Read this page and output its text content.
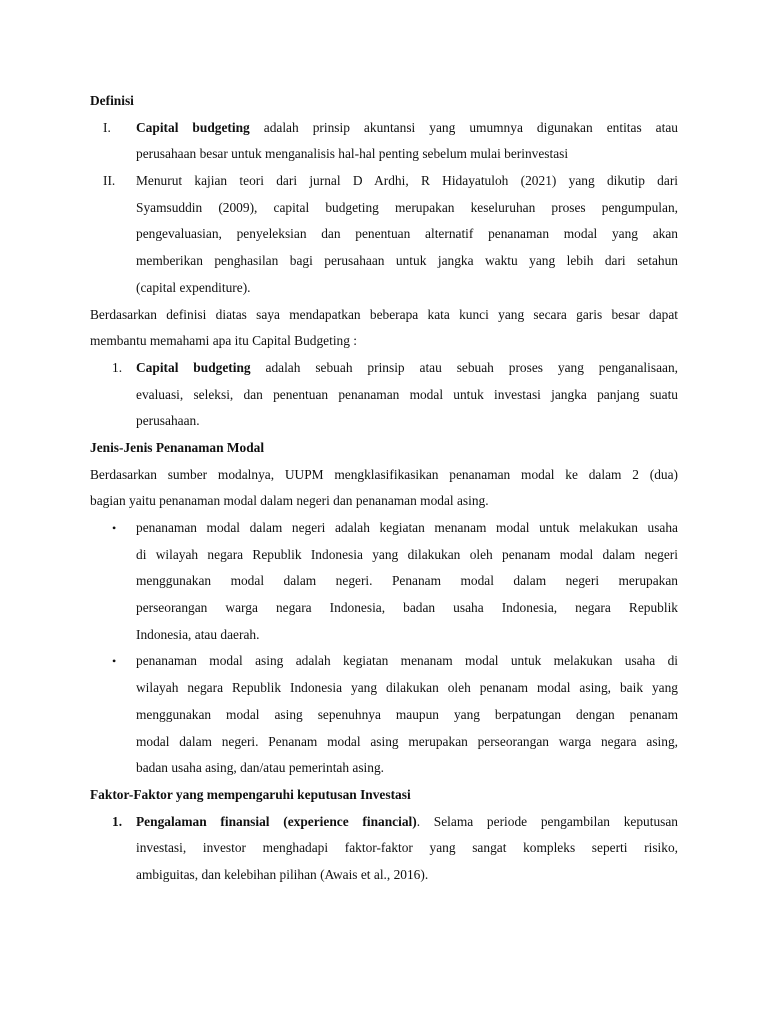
Definisi
I. Capital budgeting adalah prinsip akuntansi yang umumnya digunakan entitas atau
perusahaan besar untuk menganalisis hal-hal penting sebelum mulai berinvestasi
II. Menurut kajian teori dari jurnal D Ardhi, R Hidayatuloh (2021) yang dikutip dari
Syamsuddin (2009), capital budgeting merupakan keseluruhan proses pengumpulan,
pengevaluasian, penyeleksian dan penentuan alternatif penanaman modal yang akan
memberikan penghasilan bagi perusahaan untuk jangka waktu yang lebih dari setahun
(capital expenditure).
Berdasarkan definisi diatas saya mendapatkan beberapa kata kunci yang secara garis besar dapat
membantu memahami apa itu Capital Budgeting :
1. Capital budgeting adalah sebuah prinsip atau sebuah proses yang penganalisaan,
evaluasi, seleksi, dan penentuan penanaman modal untuk investasi jangka panjang suatu
perusahaan.
Jenis-Jenis Penanaman Modal
Berdasarkan sumber modalnya, UUPM mengklasifikasikan penanaman modal ke dalam 2 (dua)
bagian yaitu penanaman modal dalam negeri dan penanaman modal asing.
• penanaman modal dalam negeri adalah kegiatan menanam modal untuk melakukan usaha
di wilayah negara Republik Indonesia yang dilakukan oleh penanam modal dalam negeri
menggunakan modal dalam negeri. Penanam modal dalam negeri merupakan
perseorangan warga negara Indonesia, badan usaha Indonesia, negara Republik
Indonesia, atau daerah.
• penanaman modal asing adalah kegiatan menanam modal untuk melakukan usaha di
wilayah negara Republik Indonesia yang dilakukan oleh penanam modal asing, baik yang
menggunakan modal asing sepenuhnya maupun yang berpatungan dengan penanam
modal dalam negeri. Penanam modal asing merupakan perseorangan warga negara asing,
badan usaha asing, dan/atau pemerintah asing.
Faktor-Faktor yang mempengaruhi keputusan Investasi
1. Pengalaman finansial (experience financial). Selama periode pengambilan keputusan
investasi, investor menghadapi faktor-faktor yang sangat kompleks seperti risiko,
ambiguitas, dan kelebihan pilihan (Awais et al., 2016).
